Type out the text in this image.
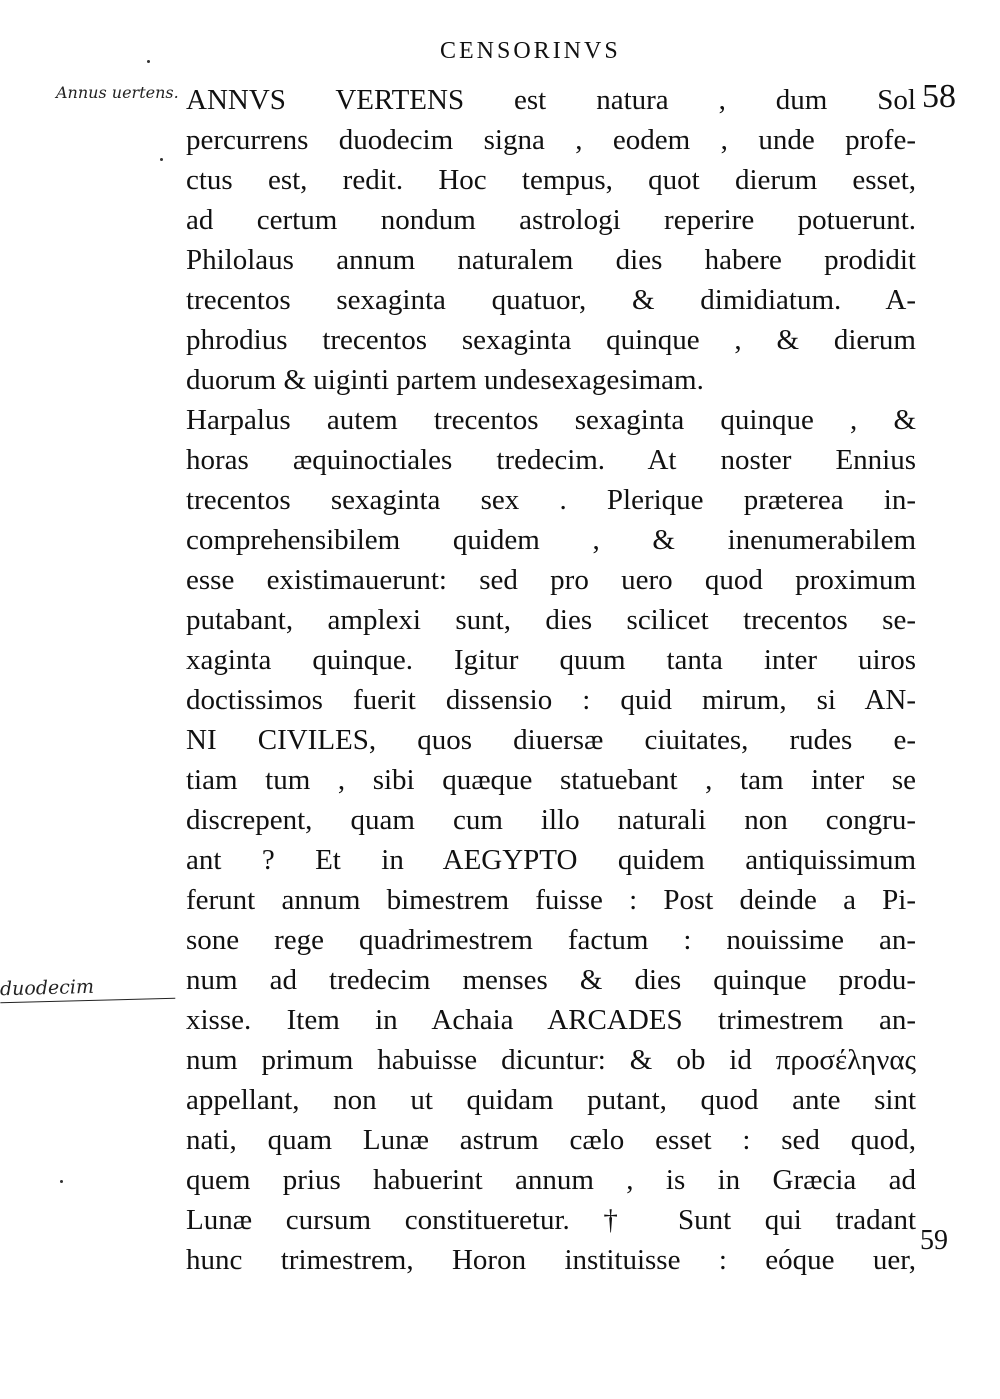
CENSORINVS
Annus uertens.
duodecim
58
59
ANNVS VERTENS est natura , dum Sol
percurrens duodecim signa , eodem , unde profe-
ctus est, redit. Hoc tempus, quot dierum esset,
ad certum nondum astrologi reperire potuerunt.
Philolaus annum naturalem dies habere prodidit
trecentos sexaginta quatuor, & dimidiatum. A-
phrodius trecentos sexaginta quinque , & dierum
duorum & uiginti partem undesexagesimam.
Harpalus autem trecentos sexaginta quinque , &
horas æquinoctiales tredecim. At noster Ennius
trecentos sexaginta sex . Plerique præterea in-
comprehensibilem quidem , & inenumerabilem
esse existimauerunt: sed pro uero quod proximum
putabant, amplexi sunt, dies scilicet trecentos se-
xaginta quinque. Igitur quum tanta inter uiros
doctissimos fuerit dissensio : quid mirum, si AN-
NI CIVILES, quos diuersæ ciuitates, rudes e-
tiam tum , sibi quæque statuebant , tam inter se
discrepent, quam cum illo naturali non congru-
ant ? Et in AEGYPTO quidem antiquissimum
ferunt annum bimestrem fuisse : Post deinde a Pi-
sone rege quadrimestrem factum : nouissime an-
num ad tredecim menses & dies quinque produ-
xisse. Item in Achaia ARCADES trimestrem an-
num primum habuisse dicuntur: & ob id προσέληνας
appellant, non ut quidam putant, quod ante sint
nati, quam Lunæ astrum cælo esset : sed quod,
quem prius habuerint annum , is in Græcia ad
Lunæ cursum constitueretur. † Sunt qui tradant
hunc trimestrem, Horon instituisse : eóque uer,
